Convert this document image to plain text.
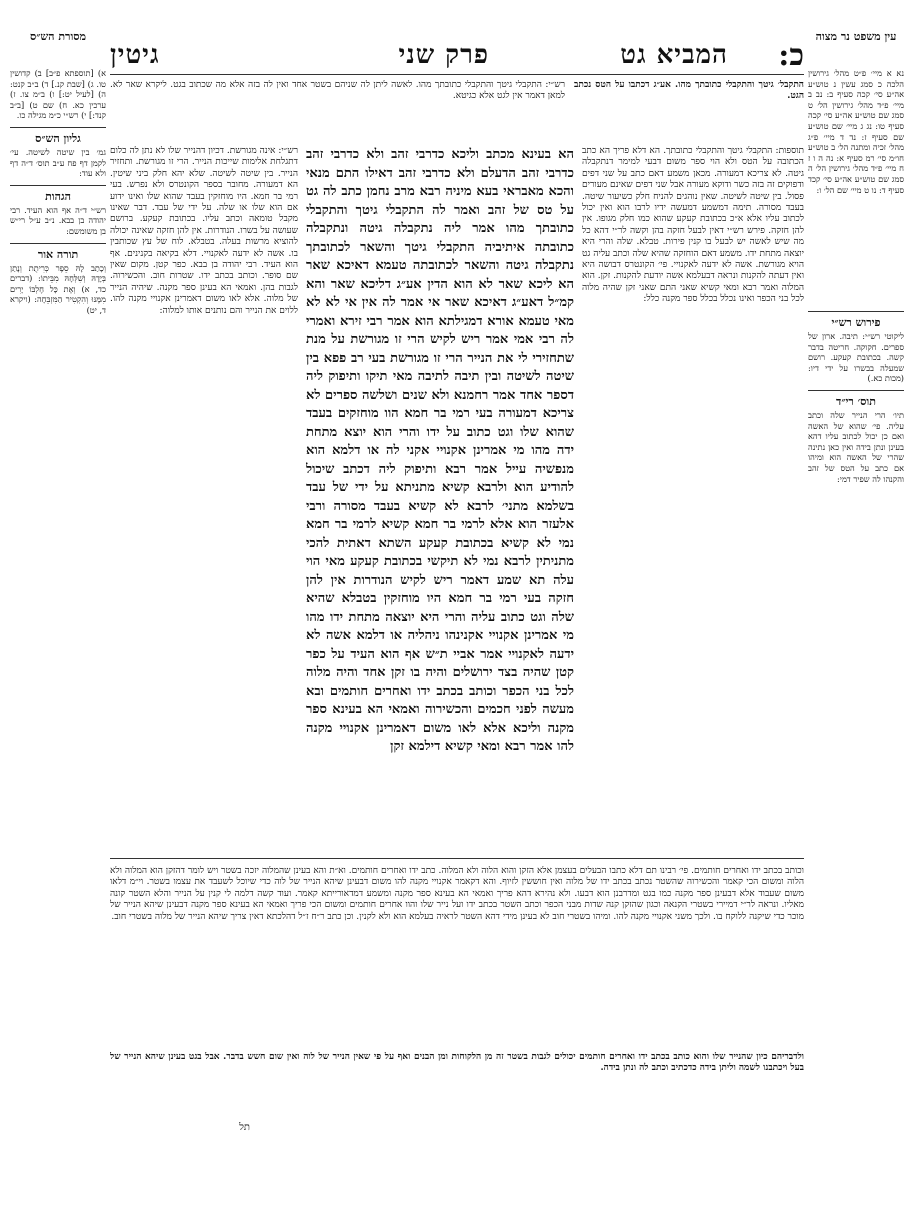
כ:
המביא גט
פרק שני
גיטין
עין משפט נר מצוה
נא א מיי׳ פ״ט מהל׳ גירושין הלכה כ סמג עשין נ טוש״ע אה״ע סי׳ קכה סעיף ב: נב ב מיי׳ פ״ד מהל׳ גירושין הל׳ ט סמג שם טוש״ע אה״ע סי׳ קכה סעיף טו: נג ג מיי׳ שם טוש״ע שם סעיף ז: נד ד מיי׳ פ״ג מהל׳ זכיה ומתנה הל׳ ב טוש״ע חו״מ סי׳ רמ סעיף א: נה ה ו ז ח מיי׳ פ״ד מהל׳ גירושין הל׳ ה סמג שם טוש״ע אה״ע סי׳ קכד סעיף ד: נו ט מיי׳ שם הל׳ ו:
פירוש רש״י
ליקוטי רש״י: תיבה. ארון של ספרים. חקוקה. חריטה בדבר קשה. בכתובת קעקע. רושם שמעלה בבשרו על ידי דיו: (מכות כא.)
תוס׳ רי״ד
תיו׳ הרי הנייר שלה וכתב עליה. פי׳ שהוא של האשה ואם כן יכול לכתוב עליו דהא בעינן ונתן בידה ואין כאן נתינה שהרי של האשה הוא ומיהו אם כתב על הטס של זהב והקנהו לה שפיר דמי:
מסורת הש״ס
א) [תוספתא פ״ב] ב) קדושין טו. ג) [שבת קנ.] ד) ב״ב קנט: ה) [לעיל יט:] ו) ב״מ צו. ז) ערכין כא. ח) שם ט) [ב״ב קנד:] י) רש״י כ״מ מגילה כו.
גליון הש״ס
גמ׳ בין שיטה לשיטה. עי׳ לקמן דף פח ע״ב תוס׳ ד״ה דף ולא עוד:
הגהות
רש״י ד״ה אף הוא העיד. רבי יהודה בן בבא. נ״ב ע״ל רי״ש בן משומשם:
תורה אור
וְכָתַב לָהּ סֵפֶר כְּרִיתֻת וְנָתַן בְּיָדָהּ וְשִׁלְּחָהּ מִבֵּיתוֹ: (דברים כד, א) וְאֶת כָּל חֶלְבּוֹ יָרִים מִמֶּנּוּ וְהִקְטִיר הַמִּזְבֵּחָה: (ויקרא ד, יט)
התקבל׳ גיטך והתקבלי כתובתך מהו. אע״ג דכתבו על הטס נכתב הגט.
רש״י: התקבלי גיטך והתקבלי כתובתך מהו. לאשה ליתן לה שניהם בשטר אחד ואין לה בזה אלא מה שכתוב בגט. ליקרא שאר לא. למאן דאמר אין לגט אלא כגיטא.
תוספות: התקבלי גיטך והתקבלי כתובתך. הא דלא פריך הא כתב הכתובה על הטס ולא הוי ספר משום דבעי למימר דנתקבלה גיטה. לא צריכא דמעורה. מכאן משמע דאם כתב על שני דפים ודפוקים זה בזה כשר ודוקא מעורה אבל שני דפים שאינם מעורים פסול. בין שיטה לשיטה. שאין נוהגים להניח חלק כשיעור שיטה. בעבד מסורה. תימה דמשמע דמעשה ידיו לרבו הוא ואין יכול לכתוב עליו אלא א״כ בכתובת קעקע שהוא כמו חלק מגופו. אין להן חזקה. פירש רש״י דאין לבעל חזקה בהן וקשה לר״י דהא כל מה שיש לאשה יש לבעל בו קנין פירות. טבלא. שלה והרי היא יוצאה מתחת ידו. משמע דאם הוחזקה שהיא שלה וכתב עליה גט הויא מגורשת. אשה לא ידעה לאקנויי. פי׳ הקונטרס דבושה היא ואין דעתה להקנות ונראה דבעלמא אשה יודעת להקנות. זקן. הוא המלוה ואמר רבא ומאי קשיא שאני התם שאני זקן שהיה מלוה לכל בני הכפר ואינו נכלל בכלל ספר מקנה כלל:
רש״י: אינה מגורשת. דכיון דהנייר שלו לא נתן לה כלום דתגלחת אלימות שייכות הנייר. הרי זו מגורשת. ותחזיר הנייר. בין שיטה לשיטה. שלא יהא חלק ביני שיטין. הא דמעורה. מחובר בספר הקונטרס ולא נפרש. בעי רמי בר חמא. היו מוחזקין בעבד שהוא שלו ואינו ידוע אם הוא שלו או שלה. על ידי של עבד. דבר שאינו מקבל טומאה וכתב עליו. בכתובת קעקע. ברושם שעושה על בשרו. הנודרות. אין להן חזקה שאינה יכולה להוציא מרשות בעלה. בטבלא. לוח של עץ שכותבין בו. אשה לא ידעה לאקנויי. דלא בקיאה בקנינים. אף הוא העיד. רבי יהודה בן בבא. כפר קטן. מקום שאין שם סופר. וכותב בכתב ידו. שטרות חוב. והכשירוה. לגבות בהן. ואמאי הא בעינן ספר מקנה. שיהיה הנייר של מלוה. אלא לאו משום דאמרינן אקנויי מקנה להו. ללוים את הנייר והם נותנים אותו למלוה:
הא בעינא מכתב וליכא כדרבי זהב ולא כדרבי זהב כדרבי זהב הדעלם ולא כדרבי זהב דאילו התם מנאי והכא מאבראי בעא מיניה רבא מרב נחמן כתב לה גט על טס של זהב ואמר לה התקבלי גיטך והתקבלי כתובתך מהו אמר ליה נתקבלה גיטה ונתקבלה כתובתה איתיביה התקבלי גיטך והשאר לכתובתך נתקבלה גיטה והשאר לכתובתה טעמא דאיכא שאר הא ליכא שאר לא הוא הדין אע״ג דליכא שאר והא קמ״ל דאע״ג דאיכא שאר אי אמר לה אין אי לא לא מאי טעמא אורא דמגילתא הוא אמר רבי זירא ואמרי לה רבי אמי אמר ריש לקיש הרי זו מגורשת על מנת שתחזירי לי את הנייר הרי זו מגורשת בעי רב פפא בין שיטה לשיטה ובין תיבה לתיבה מאי תיקו ותיפוק ליה דספר אחד אמר רחמנא ולא שנים ושלשה ספרים לא צריכא דמעורה בעי רמי בר חמא הוו מוחזקים בעבד שהוא שלו וגט כתוב על ידו והרי הוא יוצא מתחת ידה מהו מי אמרינן אקנויי אקני לה או דלמא הוא מנפשיה עייל אמר רבא ותיפוק ליה דכתב שיכול להודיע הוא ולרבא קשיא מתניתא על ידי של עבד בשלמא מתני׳ לרבא לא קשיא בעבד מסורה ורבי אלעזר הוא אלא לרמי בר חמא קשיא לרמי בר חמא נמי לא קשיא בכתובת קעקע השתא דאתית להכי מתניתין לרבא נמי לא תיקשי בכתובת קעקע מאי הוי עלה תא שמע דאמר ריש לקיש הנודרות אין להן חזקה בעי רמי בר חמא היו מוחזקין בטבלא שהיא שלה וגט כתוב עליה והרי היא יוצאה מתחת ידו מהו מי אמרינן אקנויי אקנינהו ניהליה או דלמא אשה לא ידעה לאקנויי אמר אביי ת״ש אף הוא העיד על כפר קטן שהיה בצד ירושלים והיה בו זקן אחד והיה מלוה לכל בני הכפר וכותב בכתב ידו ואחרים חותמים ובא מעשה לפני חכמים והכשירוה ואמאי הא בעינא ספר מקנה וליכא אלא לאו משום דאמרינן אקנויי מקנה להו אמר רבא ומאי קשיא דילמא זקן
וכותב בכתב ידו ואחרים חותמים. פי׳ רבינו תם דלא כתבו הבעלים בעצמן אלא הזקן והוא הלוה ולא המלוה. כתב ידו ואחרים חותמים. וא״ת והא בעינן שהמלוה יזכה בשטר ויש לומר דהזקן הוא המלוה ולא הלוה ומשום הכי קאמר והכשירוה שהשטר נכתב בכתב ידו של מלוה ואין חוששין לזיוף. והא דקאמר אקנויי מקנה להו משום דבעינן שיהא הנייר של לוה כדי שיוכל לשעבד את עצמו בשטר. וי״מ דלאו משום שעבוד אלא דבעינן ספר מקנה כמו בגט ומדרבנן הוא דבעו. ולא נהירא דהא פריך ואמאי הא בעינא ספר מקנה ומשמע דמדאורייתא קאמר. ועוד קשה דלמה לי קנין על הנייר והלא השטר קונה מאליו. ונראה לר״י דמיירי בשטרי הקנאה וכגון שהזקן קנה שדות מבני הכפר וכתב השטר בכתב ידו ועל נייר שלו והוו אחרים חותמים ומשום הכי פריך ואמאי הא בעינא ספר מקנה דבעינן שיהא הנייר של מוכר כדי שיקנה ללוקח בו. ולכך משני אקנויי מקנה להו. ומיהו בשטרי חוב לא בעינן מידי דהא השטר לראיה בעלמא הוא ולא לקנין. וכן כתב ר״ח ז״ל דהלכתא דאין צריך שיהא הנייר של מלוה בשטרי חוב.
ולדבריהם כיון שהנייר שלו והוא כותב בכתב ידו ואחרים חותמים יכולים לגבות בשטר זה מן הלקוחות ומן הבנים ואף על פי שאין הנייר של לוה ואין שום חשש בדבר. אבל בגט בעינן שיהא הנייר של בעל ויכתבנו לשמה וליתן בידה כדכתיב וכתב לה ונתן בידה.
תל
